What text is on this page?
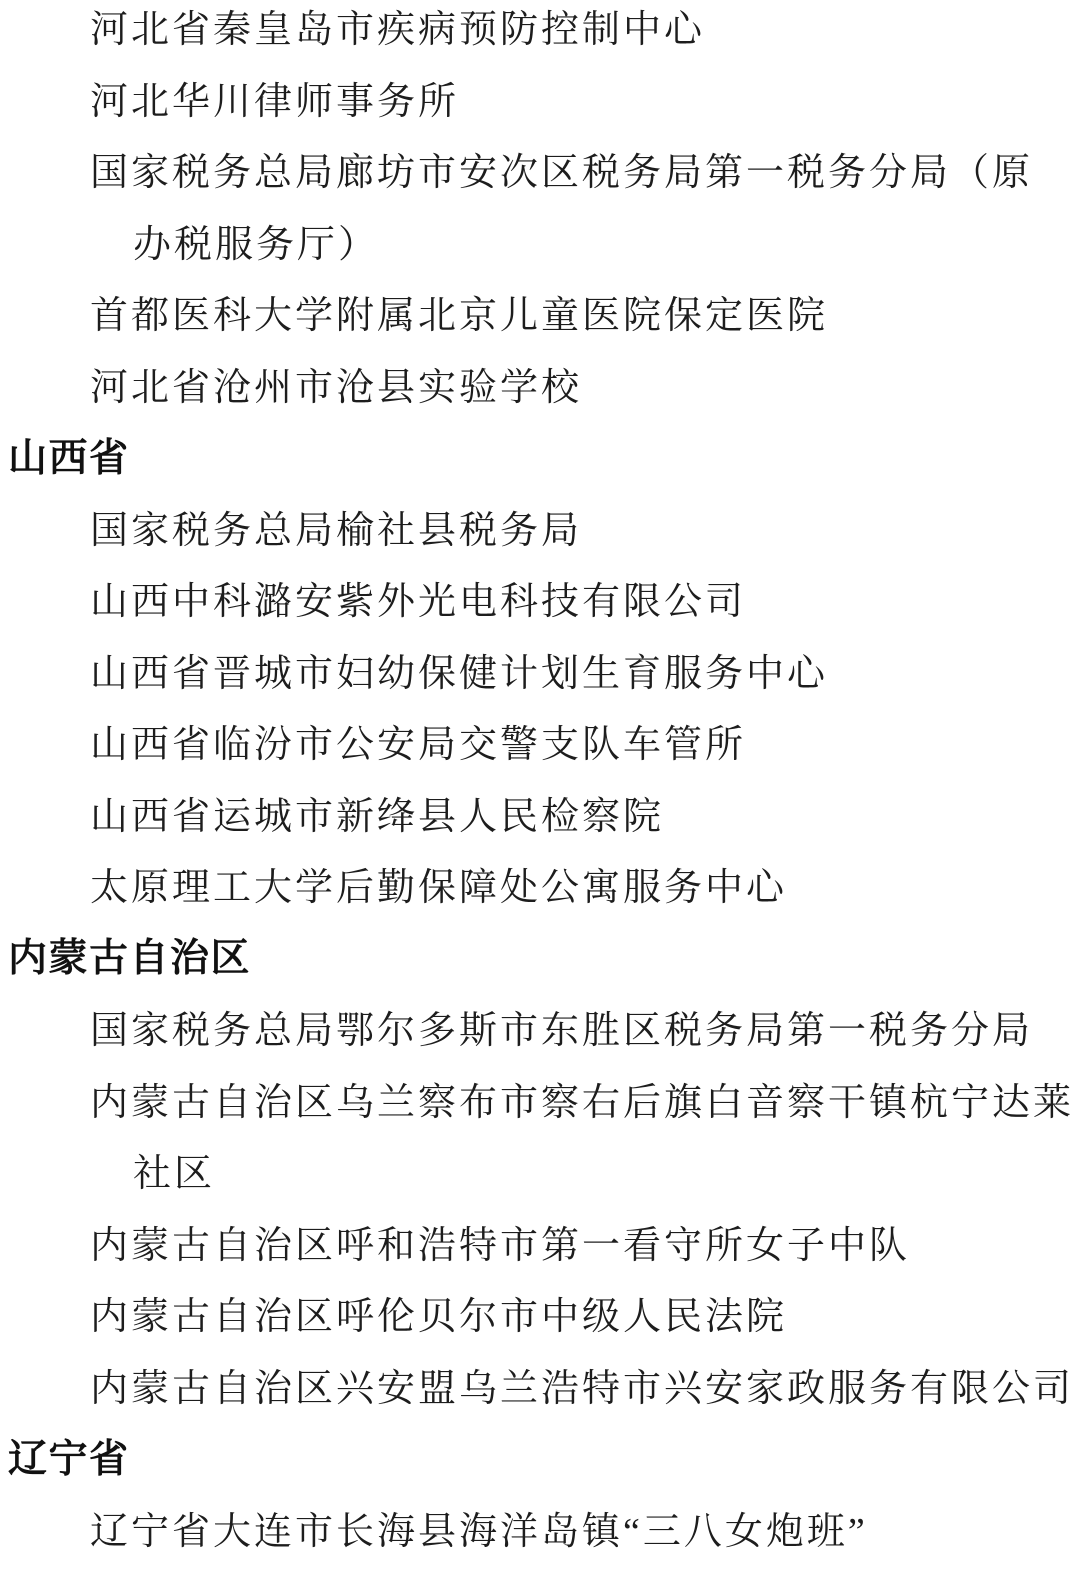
河北省秦皇岛市疾病预防控制中心
河北华川律师事务所
国家税务总局廊坊市安次区税务局第一税务分局（原
办税服务厅）
首都医科大学附属北京儿童医院保定医院
河北省沧州市沧县实验学校
山西省
国家税务总局榆社县税务局
山西中科潞安紫外光电科技有限公司
山西省晋城市妇幼保健计划生育服务中心
山西省临汾市公安局交警支队车管所
山西省运城市新绛县人民检察院
太原理工大学后勤保障处公寓服务中心
内蒙古自治区
国家税务总局鄂尔多斯市东胜区税务局第一税务分局
内蒙古自治区乌兰察布市察右后旗白音察干镇杭宁达莱
社区
内蒙古自治区呼和浩特市第一看守所女子中队
内蒙古自治区呼伦贝尔市中级人民法院
内蒙古自治区兴安盟乌兰浩特市兴安家政服务有限公司
辽宁省
辽宁省大连市长海县海洋岛镇“三八女炮班”
